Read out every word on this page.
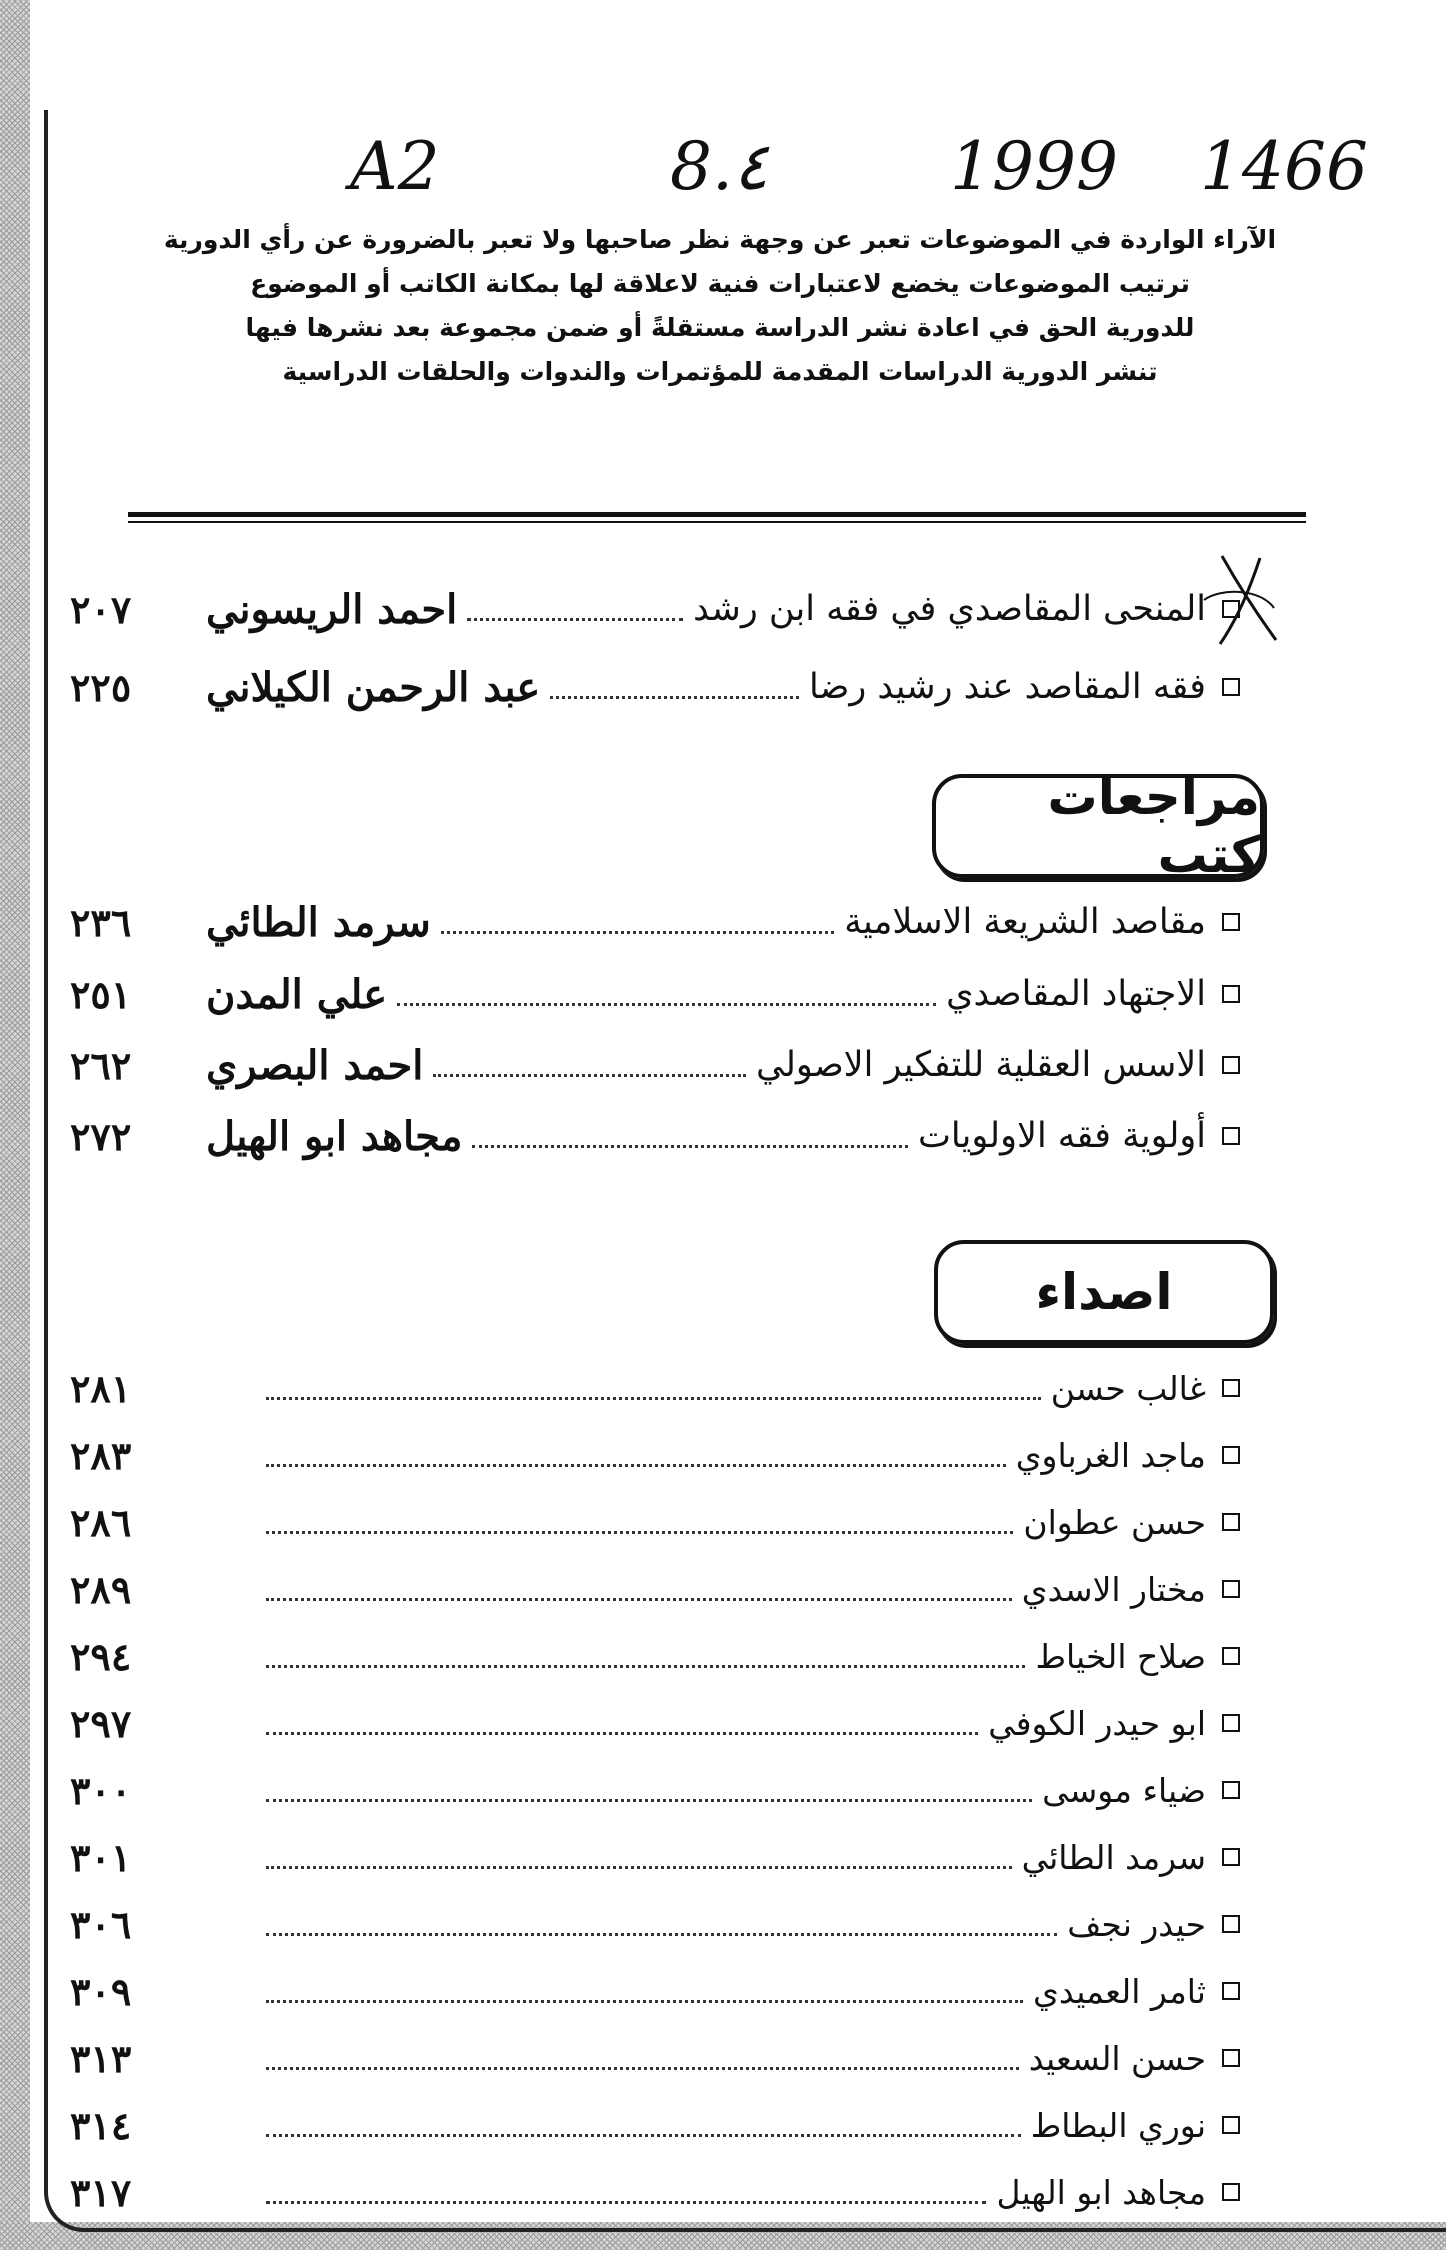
A2	8.٤	1999 1466
الآراء الواردة في الموضوعات تعبر عن وجهة نظر صاحبها ولا تعبر بالضرورة عن رأي الدورية
ترتيب الموضوعات يخضع لاعتبارات فنية لاعلاقة لها بمكانة الكاتب أو الموضوع
للدورية الحق في اعادة نشر الدراسة مستقلةً أو ضمن مجموعة بعد نشرها فيها
تنشر الدورية الدراسات المقدمة للمؤتمرات والندوات والحلقات الدراسية
المنحى المقاصدي في فقه ابن رشد
احمد الريسوني
٢٠٧
فقه المقاصد عند رشيد رضا
عبد الرحمن الكيلاني
٢٢٥
مراجعات كتب
مقاصد الشريعة الاسلامية
سرمد الطائي
٢٣٦
الاجتهاد المقاصدي
علي المدن
٢٥١
الاسس العقلية للتفكير الاصولي
احمد البصري
٢٦٢
أولوية فقه الاولويات
مجاهد ابو الهيل
٢٧٢
اصداء
غالب حسن
٢٨١
ماجد الغرباوي
٢٨٣
حسن عطوان
٢٨٦
مختار الاسدي
٢٨٩
صلاح الخياط
٢٩٤
ابو حيدر الكوفي
٢٩٧
ضياء موسى
٣٠٠
سرمد الطائي
٣٠١
حيدر نجف
٣٠٦
ثامر العميدي
٣٠٩
حسن السعيد
٣١٣
نوري البطاط
٣١٤
مجاهد ابو الهيل
٣١٧
